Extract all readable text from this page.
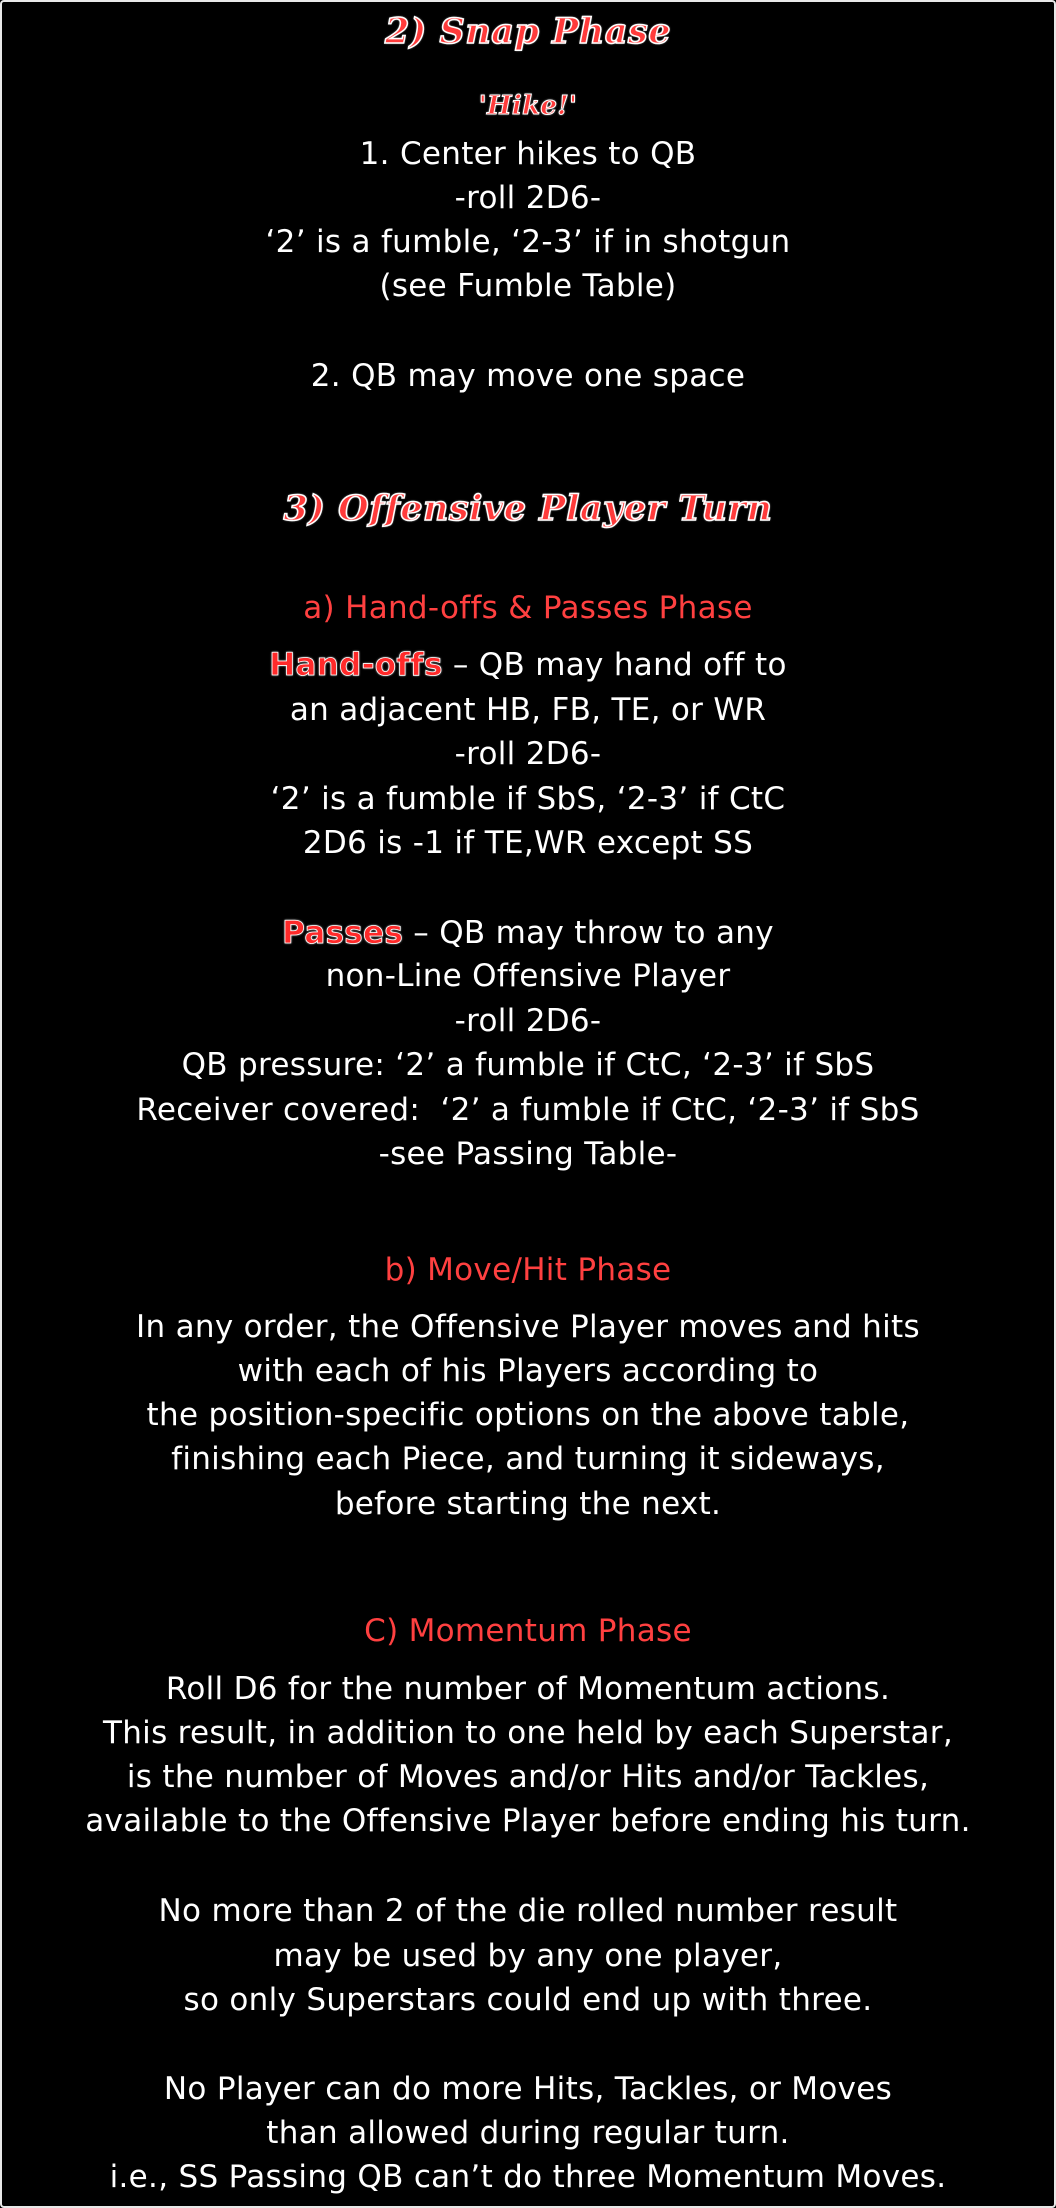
2) Snap Phase
'Hike!'
1. Center hikes to QB
-roll 2D6-
‘2’ is a fumble, ‘2-3’ if in shotgun
(see Fumble Table)
2. QB may move one space
3) Offensive Player Turn
a) Hand-offs & Passes Phase
Hand-offs – QB may hand off to
an adjacent HB, FB, TE, or WR
-roll 2D6-
‘2’ is a fumble if SbS, ‘2-3’ if CtC
2D6 is -1 if TE,WR except SS
Passes – QB may throw to any
non-Line Offensive Player
-roll 2D6-
QB pressure: ‘2’ a fumble if CtC, ‘2-3’ if SbS
Receiver covered:  ‘2’ a fumble if CtC, ‘2-3’ if SbS
-see Passing Table-
b) Move/Hit Phase
In any order, the Offensive Player moves and hits
with each of his Players according to
the position-specific options on the above table,
finishing each Piece, and turning it sideways,
before starting the next.
C) Momentum Phase
Roll D6 for the number of Momentum actions.
This result, in addition to one held by each Superstar,
is the number of Moves and/or Hits and/or Tackles,
available to the Offensive Player before ending his turn.
No more than 2 of the die rolled number result
may be used by any one player,
so only Superstars could end up with three.
No Player can do more Hits, Tackles, or Moves
than allowed during regular turn.
i.e., SS Passing QB can’t do three Momentum Moves.
